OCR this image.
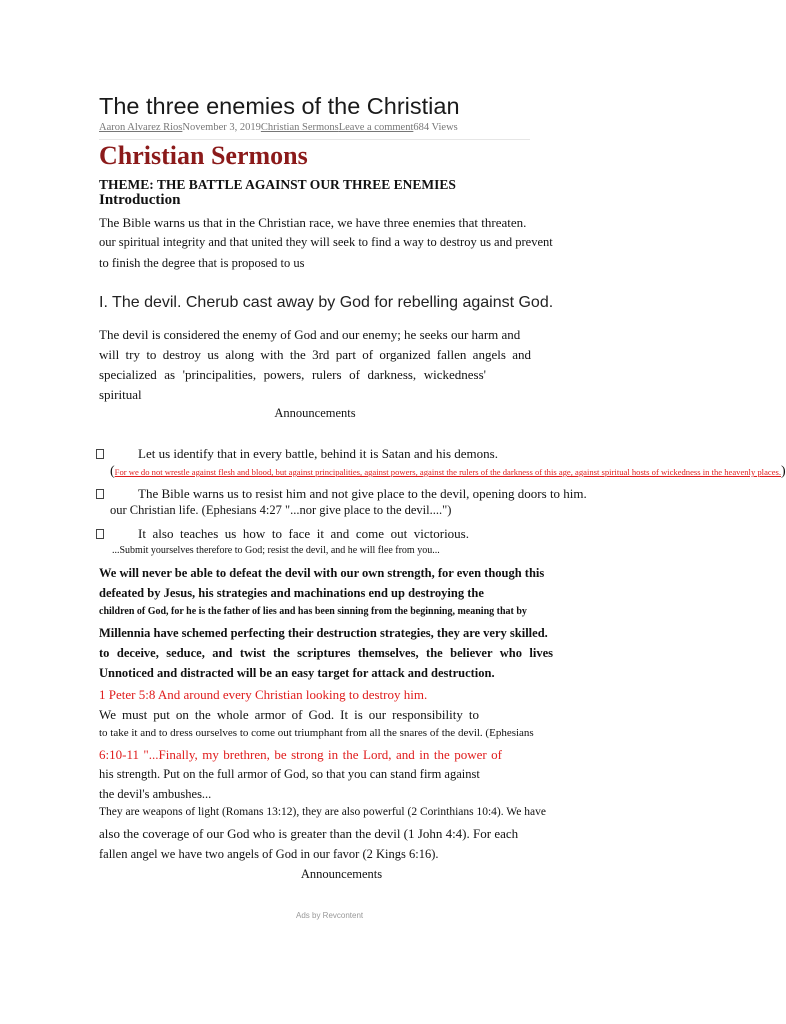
The three enemies of the Christian
Aaron Alvarez RiosNovember 3, 2019Christian SermonsLeave a comment684 Views
Christian Sermons
THEME: THE BATTLE AGAINST OUR THREE ENEMIES
Introduction
The Bible warns us that in the Christian race, we have three enemies that threaten.
our spiritual integrity and that united they will seek to find a way to destroy us and prevent
to finish the degree that is proposed to us
I. The devil. Cherub cast away by God for rebelling against God.
The devil is considered the enemy of God and our enemy; he seeks our harm and
will try to destroy us along with the 3rd part of organized fallen angels and
specialized as 'principalities, powers, rulers of darkness, wickedness'
spiritual
Announcements
Let us identify that in every battle, behind it is Satan and his demons.
(For we do not wrestle against flesh and blood, but against principalities, against powers, against the rulers of the darkness of this age, against spiritual hosts of wickedness in the heavenly places.)
The Bible warns us to resist him and not give place to the devil, opening doors to him.
our Christian life. (Ephesians 4:27 "...nor give place to the devil....")
It also teaches us how to face it and come out victorious.
...Submit yourselves therefore to God; resist the devil, and he will flee from you...
We will never be able to defeat the devil with our own strength, for even though this
defeated by Jesus, his strategies and machinations end up destroying the
children of God, for he is the father of lies and has been sinning from the beginning, meaning that by
Millennia have schemed perfecting their destruction strategies, they are very skilled.
to deceive, seduce, and twist the scriptures themselves, the believer who lives
Unnoticed and distracted will be an easy target for attack and destruction.
1 Peter 5:8 And around every Christian looking to destroy him.
We must put on the whole armor of God. It is our responsibility to
to take it and to dress ourselves to come out triumphant from all the snares of the devil. (Ephesians
6:10-11 "...Finally, my brethren, be strong in the Lord, and in the power of
his strength. Put on the full armor of God, so that you can stand firm against
the devil's ambushes...
They are weapons of light (Romans 13:12), they are also powerful (2 Corinthians 10:4). We have
also the coverage of our God who is greater than the devil (1 John 4:4). For each
fallen angel we have two angels of God in our favor (2 Kings 6:16).
Announcements
Ads by Revcontent
